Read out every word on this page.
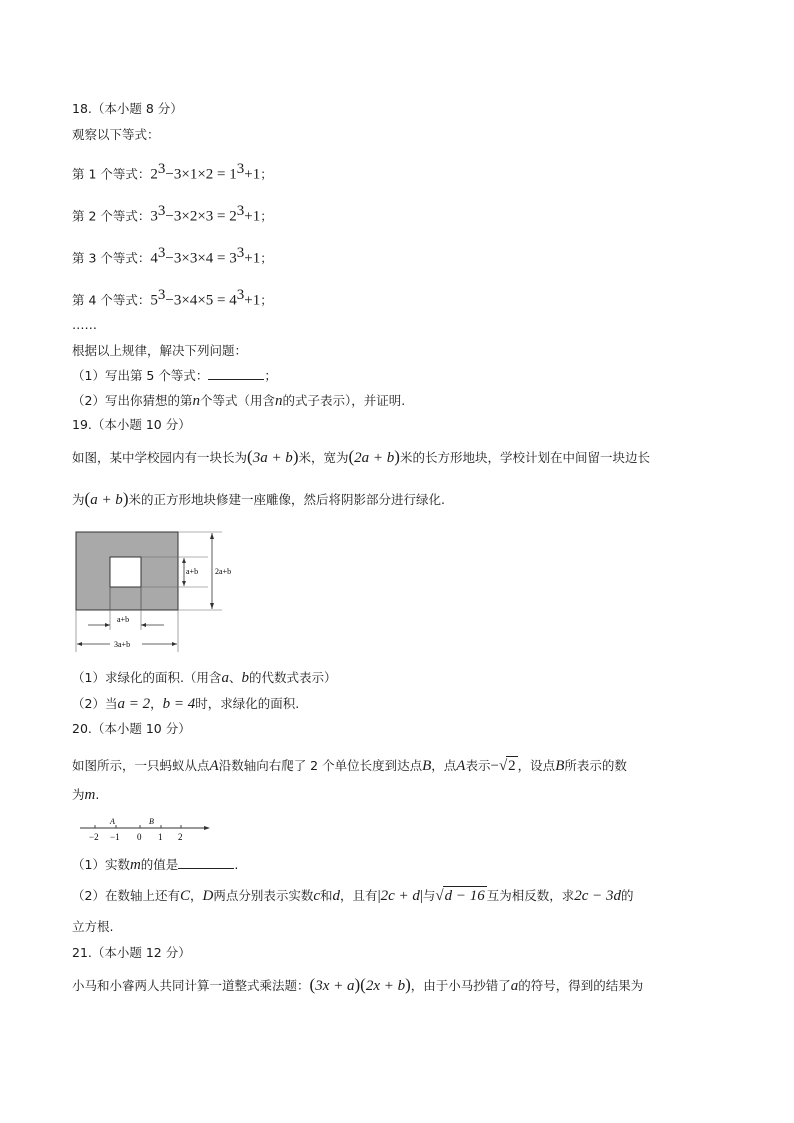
18.（本小题 8 分）
观察以下等式：
第 1 个等式：$2^3-3\times 1\times 2 = 1^3+1$；
第 2 个等式：$3^3-3\times 2\times 3 = 2^3+1$；
第 3 个等式：$4^3-3\times 3\times 4 = 3^3+1$；
第 4 个等式：$5^3-3\times 4\times 5 = 4^3+1$；
……
根据以上规律，解决下列问题：
（1）写出第 5 个等式：	；
（2）写出你猜想的第n个等式（用含n的式子表示），并证明.
19.（本小题 10 分）
如图，某中学校园内有一块长为(3a + b)米，宽为(2a + b)米的长方形地块，学校计划在中间留一块边长
为(a + b)米的正方形地块修建一座雕像，然后将阴影部分进行绿化.
a+b 2a+b
a+b
3a+b
（1）求绿化的面积.（用含a、b的代数式表示）
（2）当a = 2，b = 4时，求绿化的面积.
20.（本小题 10 分）
如图所示，一只蚂蚁从点A沿数轴向右爬了 2 个单位长度到达点B，点A表示−√2 ，设点B所表示的数
为m.
A	B
−2 −1 0 1 2
（1）实数m的值是	.
（2）在数轴上还有C，D两点分别表示实数c和d，且有|2c + d|与√d − 16 互为相反数，求2c − 3d的
立方根.
21.（本小题 12 分）
小马和小睿两人共同计算一道整式乘法题：(3x + a)(2x + b)，由于小马抄错了a的符号，得到的结果为
